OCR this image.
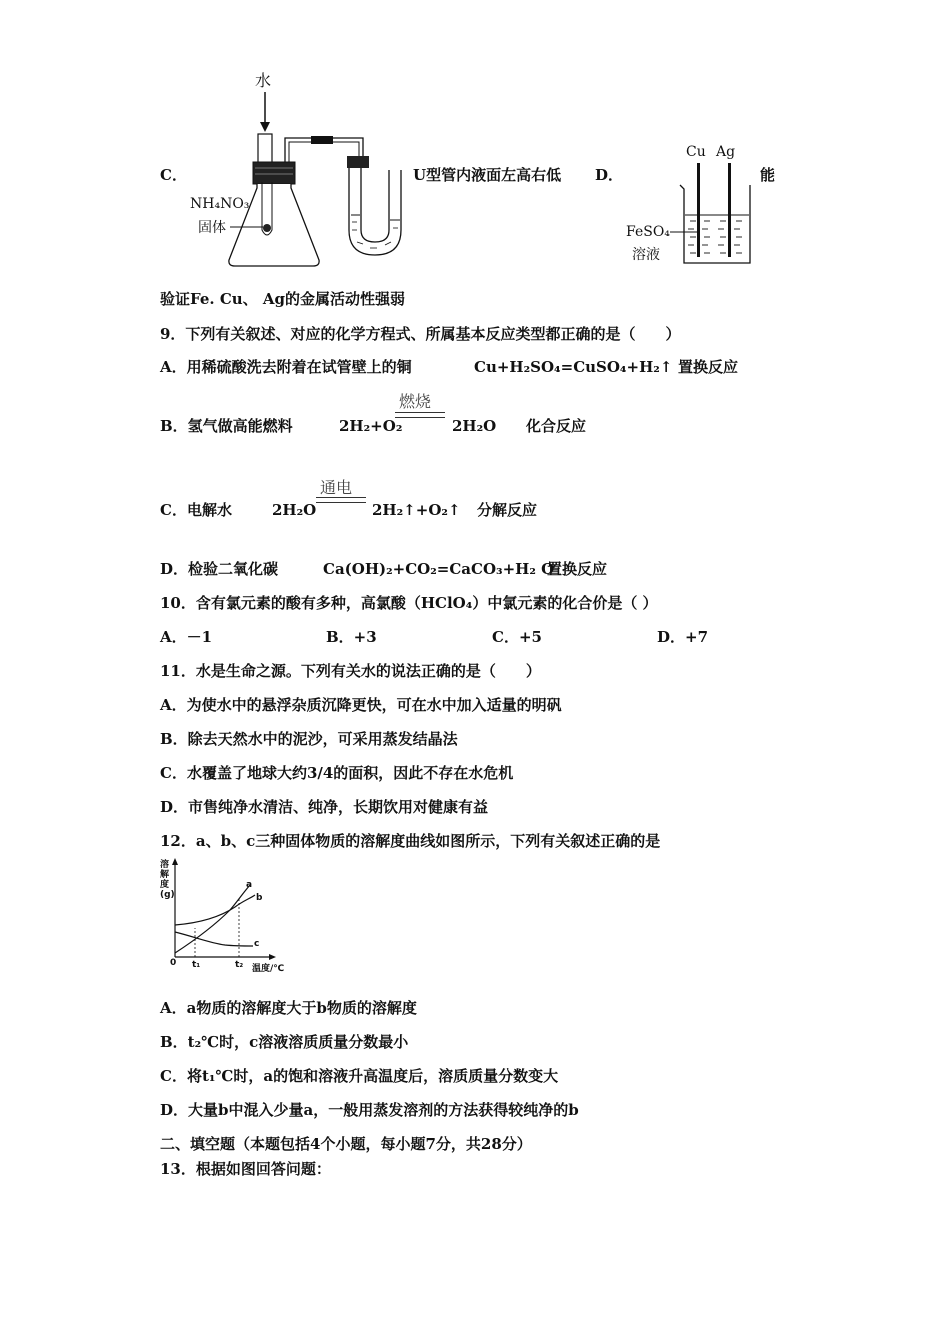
C．
水
NH₄NO₃
固体
U型管内液面左高右低 D．
Cu Ag
FeSO₄
溶液
能
验证Fe. Cu、 Ag的金属活动性强弱
9．下列有关叙述、对应的化学方程式、所属基本反应类型都正确的是（　　）
A．用稀硫酸洗去附着在试管壁上的铜	Cu+H₂SO₄=CuSO₄+H₂↑ 置换反应
B．氢气做高能燃料	2H₂+O₂
燃烧
2H₂O 化合反应
C．电解水	2H₂O
通电
2H₂↑+O₂↑ 分解反应
D．检验二氧化碳	Ca(OH)₂+CO₂=CaCO₃+H₂ O
置换反应
10．含有氯元素的酸有多种，高氯酸（HClO₄）中氯元素的化合价是（ ）
A．－1	B．+3	C．+5	D．+7
11．水是生命之源。下列有关水的说法正确的是（　　）
A．为使水中的悬浮杂质沉降更快，可在水中加入适量的明矾
B．除去天然水中的泥沙，可采用蒸发结晶法
C．水覆盖了地球大约3/4的面积，因此不存在水危机
D．市售纯净水清洁、纯净，长期饮用对健康有益
12．a、b、c三种固体物质的溶解度曲线如图所示，下列有关叙述正确的是
溶解度(g)
a
b
c
0 t₁	t₂ 温度/℃
A．a物质的溶解度大于b物质的溶解度
B．t₂℃时，c溶液溶质质量分数最小
C．将t₁℃时，a的饱和溶液升高温度后，溶质质量分数变大
D．大量b中混入少量a，一般用蒸发溶剂的方法获得较纯净的b
二、填空题（本题包括4个小题，每小题7分，共28分）
13．根据如图回答问题：
